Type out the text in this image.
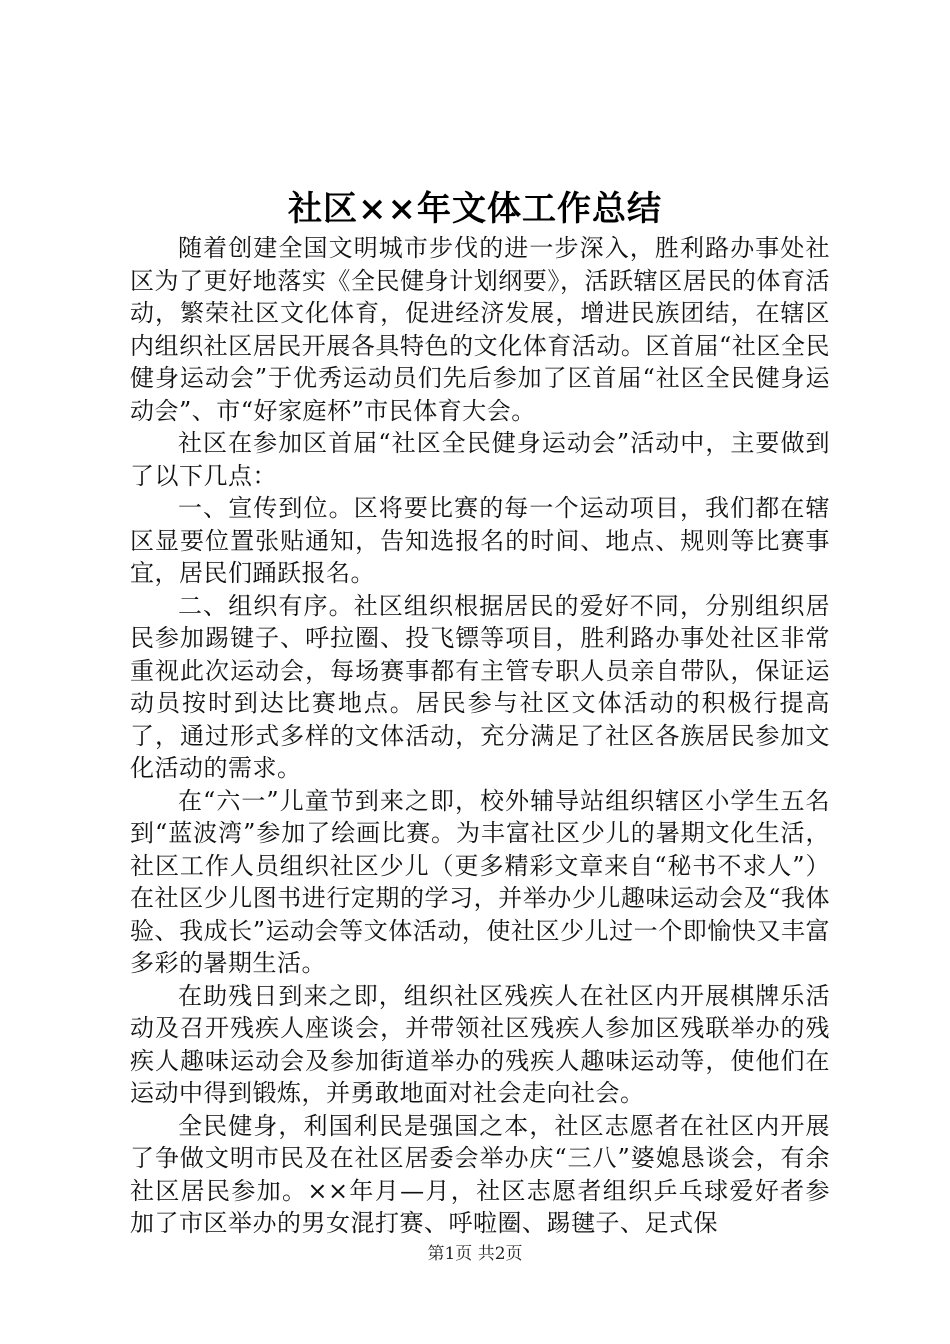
社区××年文体工作总结

随着创建全国文明城市步伐的进一步深入，胜利路办事处社区为了更好地落实《全民健身计划纲要》，活跃辖区居民的体育活动，繁荣社区文化体育，促进经济发展，增进民族团结，在辖区内组织社区居民开展各具特色的文化体育活动。区首届“社区全民健身运动会”于优秀运动员们先后参加了区首届“社区全民健身运动会”、市“好家庭杯”市民体育大会。

社区在参加区首届“社区全民健身运动会”活动中，主要做到了以下几点：

一、宣传到位。区将要比赛的每一个运动项目，我们都在辖区显要位置张贴通知，告知选报名的时间、地点、规则等比赛事宜，居民们踊跃报名。

二、组织有序。社区组织根据居民的爱好不同，分别组织居民参加踢键子、呼拉圈、投飞镖等项目，胜利路办事处社区非常重视此次运动会，每场赛事都有主管专职人员亲自带队，保证运动员按时到达比赛地点。居民参与社区文体活动的积极行提高了，通过形式多样的文体活动，充分满足了社区各族居民参加文化活动的需求。

在“六一”儿童节到来之即，校外辅导站组织辖区小学生五名到“蓝波湾”参加了绘画比赛。为丰富社区少儿的暑期文化生活，社区工作人员组织社区少儿（更多精彩文章来自“秘书不求人”）在社区少儿图书进行定期的学习，并举办少儿趣味运动会及“我体验、我成长”运动会等文体活动，使社区少儿过一个即愉快又丰富多彩的暑期生活。

在助残日到来之即，组织社区残疾人在社区内开展棋牌乐活动及召开残疾人座谈会，并带领社区残疾人参加区残联举办的残疾人趣味运动会及参加街道举办的残疾人趣味运动等，使他们在运动中得到锻炼，并勇敢地面对社会走向社会。

全民健身，利国利民是强国之本，社区志愿者在社区内开展了争做文明市民及在社区居委会举办庆“三八”婆媳恳谈会，有余社区居民参加。××年月—月，社区志愿者组织乒乓球爱好者参加了市区举办的男女混打赛、呼啦圈、踢毽子、足式保

第1页 共2页
